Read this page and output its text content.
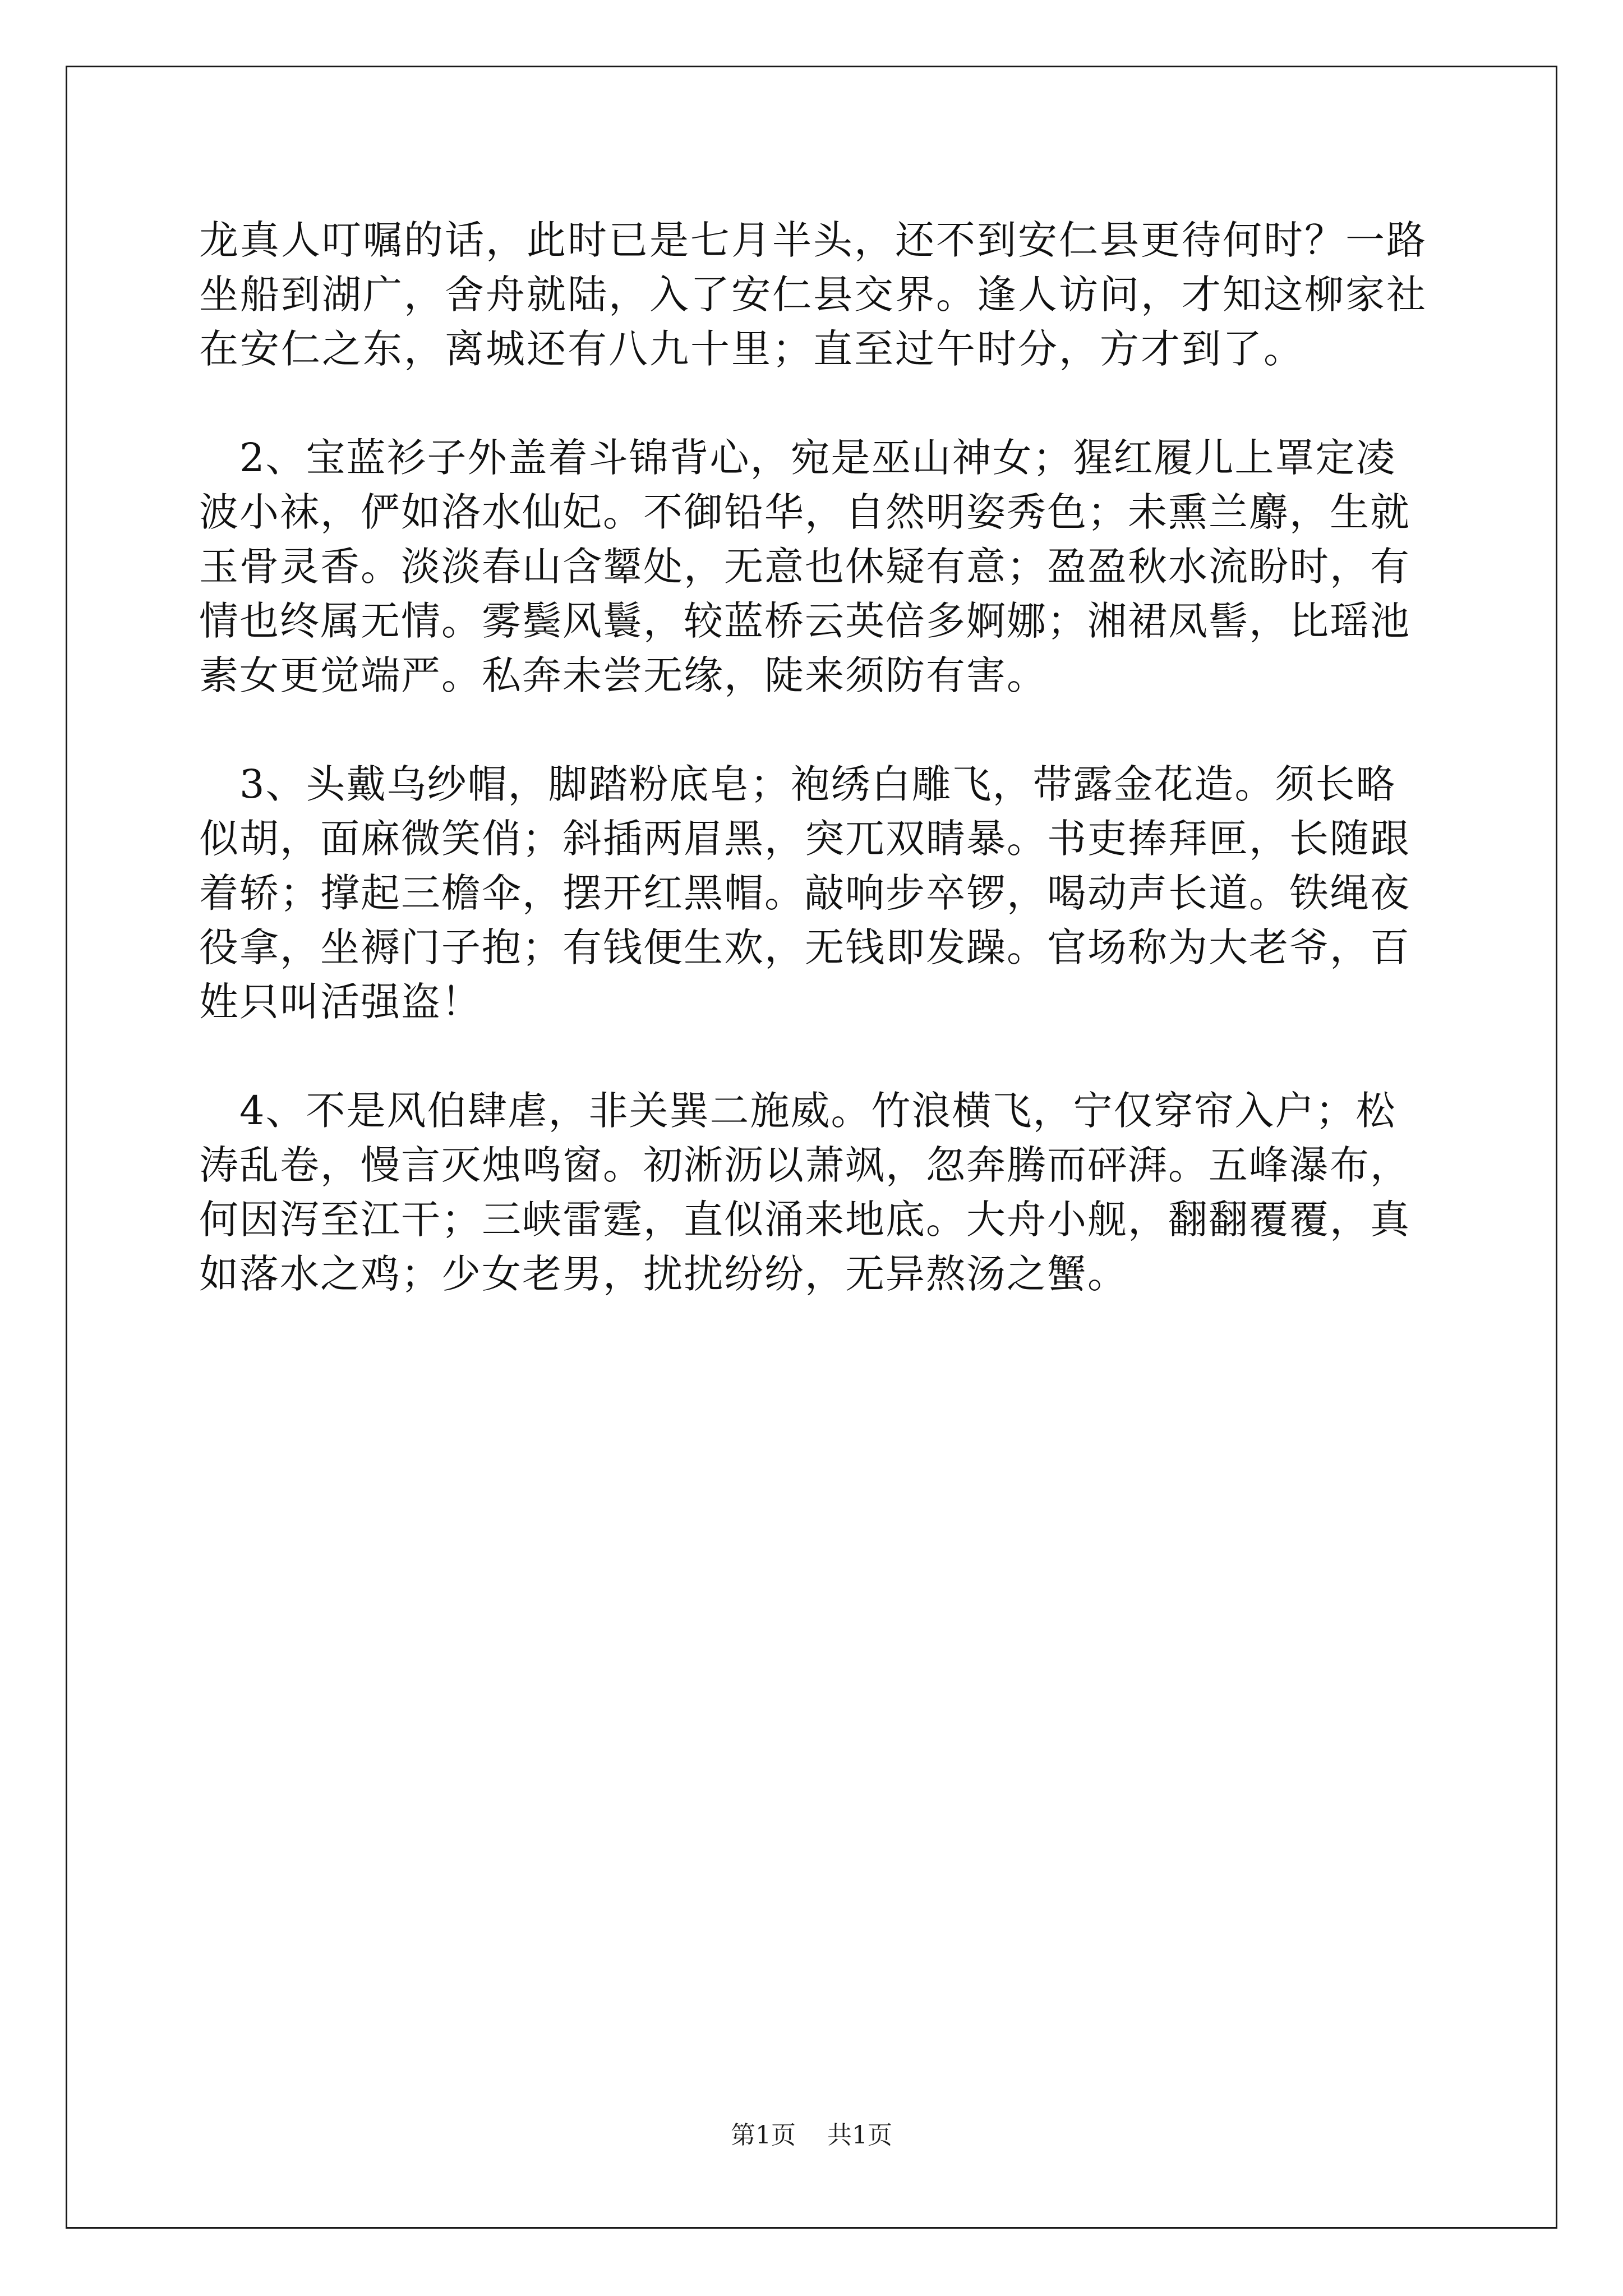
龙真人叮嘱的话，此时已是七月半头，还不到安仁县更待何时？一路
坐船到湖广，舍舟就陆，入了安仁县交界。逢人访问，才知这柳家社
在安仁之东，离城还有八九十里；直至过午时分，方才到了。
　2、宝蓝衫子外盖着斗锦背心，宛是巫山神女；猩红履儿上罩定凌
波小袜，俨如洛水仙妃。不御铅华，自然明姿秀色；未熏兰麝，生就
玉骨灵香。淡淡春山含颦处，无意也休疑有意；盈盈秋水流盼时，有
情也终属无情。雾鬓风鬟，较蓝桥云英倍多婀娜；湘裙凤髻，比瑶池
素女更觉端严。私奔未尝无缘，陡来须防有害。
　3、头戴乌纱帽，脚踏粉底皂；袍绣白雕飞，带露金花造。须长略
似胡，面麻微笑俏；斜插两眉黑，突兀双睛暴。书吏捧拜匣，长随跟
着轿；撑起三檐伞，摆开红黑帽。敲响步卒锣，喝动声长道。铁绳夜
役拿，坐褥门子抱；有钱便生欢，无钱即发躁。官场称为大老爷，百
姓只叫活强盗！
　4、不是风伯肆虐，非关巽二施威。竹浪横飞，宁仅穿帘入户；松
涛乱卷，慢言灭烛鸣窗。初淅沥以萧飒，忽奔腾而砰湃。五峰瀑布，
何因泻至江干；三峡雷霆，直似涌来地底。大舟小舰，翻翻覆覆，真
如落水之鸡；少女老男，扰扰纷纷，无异熬汤之蟹。
第1页 共1页
